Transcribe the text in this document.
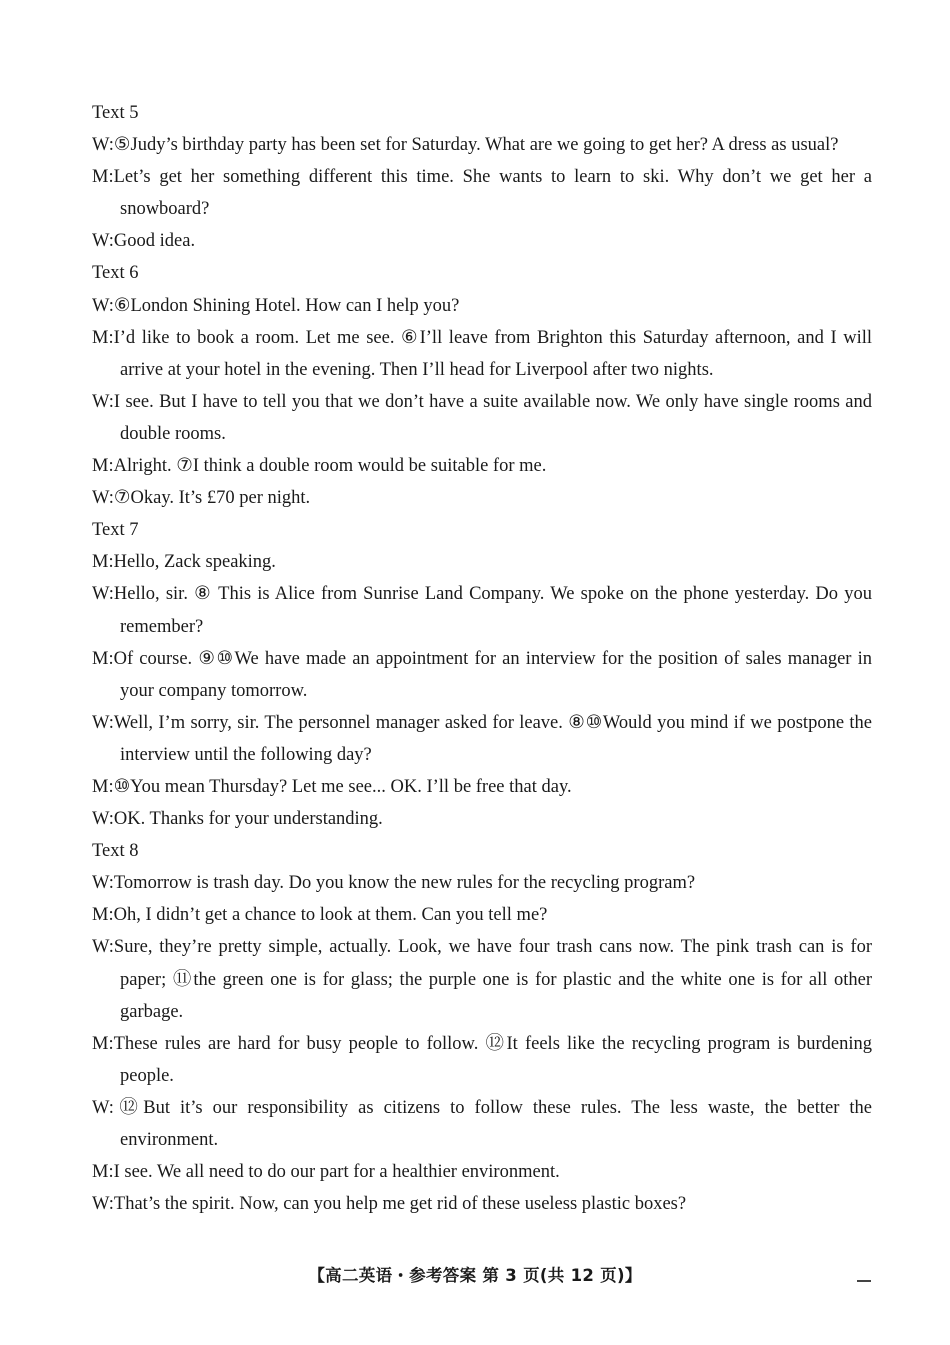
Text 5
W:⑤Judy’s birthday party has been set for Saturday. What are we going to get her? A dress as usual?
M:Let’s get her something different this time. She wants to learn to ski. Why don’t we get her a snowboard?
W:Good idea.
Text 6
W:⑥London Shining Hotel. How can I help you?
M:I’d like to book a room. Let me see. ⑥I’ll leave from Brighton this Saturday afternoon, and I will arrive at your hotel in the evening. Then I’ll head for Liverpool after two nights.
W:I see. But I have to tell you that we don’t have a suite available now. We only have single rooms and double rooms.
M:Alright. ⑦I think a double room would be suitable for me.
W:⑦Okay. It’s £70 per night.
Text 7
M:Hello, Zack speaking.
W:Hello, sir. ⑧ This is Alice from Sunrise Land Company. We spoke on the phone yesterday. Do you remember?
M:Of course. ⑨⑩We have made an appointment for an interview for the position of sales manager in your company tomorrow.
W:Well, I’m sorry, sir. The personnel manager asked for leave. ⑧⑩Would you mind if we postpone the interview until the following day?
M:⑩You mean Thursday? Let me see... OK. I’ll be free that day.
W:OK. Thanks for your understanding.
Text 8
W:Tomorrow is trash day. Do you know the new rules for the recycling program?
M:Oh, I didn’t get a chance to look at them. Can you tell me?
W:Sure, they’re pretty simple, actually. Look, we have four trash cans now. The pink trash can is for paper; ⑪the green one is for glass; the purple one is for plastic and the white one is for all other garbage.
M:These rules are hard for busy people to follow. ⑫It feels like the recycling program is burdening people.
W:⑫But it’s our responsibility as citizens to follow these rules. The less waste, the better the environment.
M:I see. We all need to do our part for a healthier environment.
W:That’s the spirit. Now, can you help me get rid of these useless plastic boxes?
【高二英语・参考答案 第 3 页(共 12 页)】
